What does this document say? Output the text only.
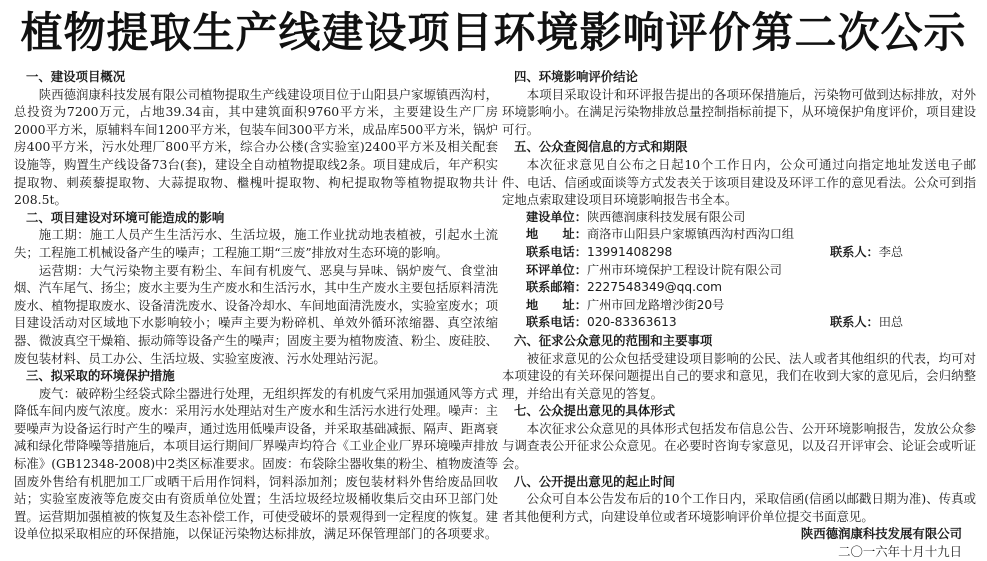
植物提取生产线建设项目环境影响评价第二次公示
一、建设项目概况

陕西德润康科技发展有限公司植物提取生产线建设项目位于山阳县户家塬镇西沟村，总投资为7200万元，占地39.34亩，其中建筑面积9760平方米，主要建设生产厂房2000平方米，原辅料车间1200平方米，包装车间300平方米，成品库500平方米，锅炉房400平方米，污水处理厂800平方米，综合办公楼(含实验室)2400平方米及相关配套设施等，购置生产线设备73台(套)，建设全自动植物提取线2条。项目建成后，年产积实提取物、刺蒺藜提取物、大蒜提取物、檵槐叶提取物、枸杞提取物等植物提取物共计208.5t。

二、项目建设对环境可能造成的影响

施工期：施工人员产生生活污水、生活垃圾，施工作业扰动地表植被，引起水土流失；工程施工机械设备产生的噪声；工程施工期“三废”排放对生态环境的影响。

运营期：大气污染物主要有粉尘、车间有机废气、恶臭与异味、锅炉废气、食堂油烟、汽车尾气、扬尘；废水主要为生产废水和生活污水，其中生产废水主要包括原料清洗废水、植物提取废水、设备清洗废水、设备冷却水、车间地面清洗废水，实验室废水；项目建设活动对区域地下水影响较小；噪声主要为粉碎机、单效外循环浓缩器、真空浓缩器、微波真空干燥箱、振动筛等设备产生的噪声；固废主要为植物废渣、粉尘、废硅胶、废包装材料、员工办公、生活垃圾、实验室废液、污水处理站污泥。

三、拟采取的环境保护措施

废气：破碎粉尘经袋式除尘器进行处理，无组织挥发的有机废气采用加强通风等方式降低车间内废气浓度。废水：采用污水处理站对生产废水和生活污水进行处理。噪声：主要噪声为设备运行时产生的噪声，通过选用低噪声设备，并采取基础减振、隔声、距离衰减和绿化带降噪等措施后，本项目运行期间厂界噪声均符合《工业企业厂界环境噪声排放标准》(GB12348-2008)中2类区标准要求。固废：布袋除尘器收集的粉尘、植物废渣等固废外售给有机肥加工厂或晒干后用作饲料，饲料添加剂；废包装材料外售给废品回收站；实验室废液等危废交由有资质单位处置；生活垃圾经垃圾桶收集后交由环卫部门处置。运营期加强植被的恢复及生态补偿工作，可使受破坏的景观得到一定程度的恢复。建设单位拟采取相应的环保措施，以保证污染物达标排放，满足环保管理部门的各项要求。

四、环境影响评价结论

本项目采取设计和环评报告提出的各项环保措施后，污染物可做到达标排放，对外环境影响小。在满足污染物排放总量控制指标前提下，从环境保护角度评价，项目建设可行。

五、公众查阅信息的方式和期限

本次征求意见自公布之日起10个工作日内，公众可通过向指定地址发送电子邮件、电话、信函或面谈等方式发表关于该项目建设及环评工作的意见看法。公众可到指定地点索取建设项目环境影响报告书全本。

建设单位：陕西德润康科技发展有限公司
地　　址：商洛市山阳县户家塬镇西沟村西沟口组
联系电话：13991408298	联系人：李总
环评单位：广州市环境保护工程设计院有限公司
联系邮箱：2227548349@qq.com
地　　址：广州市回龙路增沙街20号
联系电话：020-83363613	联系人：田总
六、征求公众意见的范围和主要事项

被征求意见的公众包括受建设项目影响的公民、法人或者其他组织的代表，均可对本项建设的有关环保问题提出自己的要求和意见，我们在收到大家的意见后，会归纳整理，并给出有关意见的答复。

七、公众提出意见的具体形式

本次征求公众意见的具体形式包括发布信息公告、公开环境影响报告，发放公众参与调查表公开征求公众意见。在必要时咨询专家意见，以及召开评审会、论证会或听证会。

八、公开提出意见的起止时间

公众可自本公告发布后的10个工作日内，采取信函(信函以邮戳日期为准)、传真或者其他便利方式，向建设单位或者环境影响评价单位提交书面意见。

陕西德润康科技发展有限公司
二〇一六年十月十九日
